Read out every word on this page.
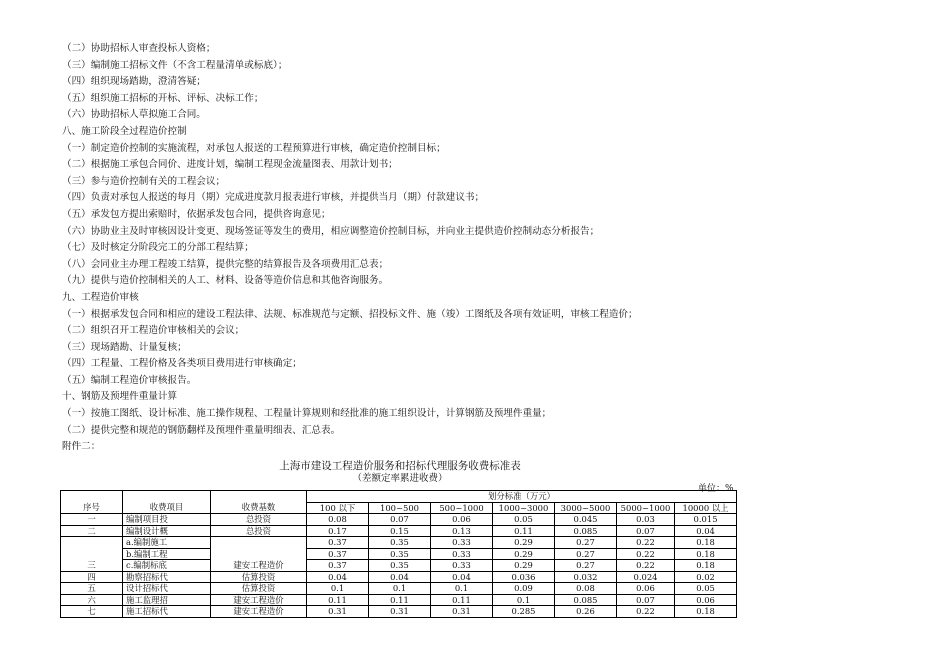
（二）协助招标人审查投标人资格；
（三）编制施工招标文件（不含工程量清单或标底）；
（四）组织现场踏勘，澄清答疑；
（五）组织施工招标的开标、评标、决标工作；
（六）协助招标人草拟施工合同。
八、施工阶段全过程造价控制
（一）制定造价控制的实施流程，对承包人报送的工程预算进行审核，确定造价控制目标；
（二）根据施工承包合同价、进度计划，编制工程现金流量图表、用款计划书；
（三）参与造价控制有关的工程会议；
（四）负责对承包人报送的每月（期）完成进度款月报表进行审核，并提供当月（期）付款建议书；
（五）承发包方提出索赔时，依据承发包合同，提供咨询意见；
（六）协助业主及时审核因设计变更、现场签证等发生的费用，相应调整造价控制目标，并向业主提供造价控制动态分析报告；
（七）及时核定分阶段完工的分部工程结算；
（八）会同业主办理工程竣工结算，提供完整的结算报告及各项费用汇总表；
（九）提供与造价控制相关的人工、材料、设备等造价信息和其他咨询服务。
九、工程造价审核
（一）根据承发包合同和相应的建设工程法律、法规、标准规范与定额、招投标文件、施（竣）工图纸及各项有效证明，审核工程造价；
（二）组织召开工程造价审核相关的会议；
（三）现场踏勘、计量复核；
（四）工程量、工程价格及各类项目费用进行审核确定；
（五）编制工程造价审核报告。
十、钢筋及预埋件重量计算
（一）按施工图纸、设计标准、施工操作规程、工程量计算规则和经批准的施工组织设计，计算钢筋及预埋件重量；
（二）提供完整和规范的钢筋翻样及预埋件重量明细表、汇总表。
附件二：
上海市建设工程造价服务和招标代理服务收费标准表
（差额定率累进收费）
单位：%
			划分标准（万元）						
序号	收费项目	收费基数	100 以下	100~500	500~1000	1000~3000	3000~5000	5000~1000	10000 以上
一	编制项目投	总投资	0.08	0.07	0.06	0.05	0.045	0.03	0.015
二	编制设计概	总投资	0.17	0.15	0.13	0.11	0.085	0.07	0.04
	a.编制施工		0.37	0.35	0.33	0.29	0.27	0.22	0.18
	b.编制工程		0.37	0.35	0.33	0.29	0.27	0.22	0.18
三	c.编制标底	建安工程造价	0.37	0.35	0.33	0.29	0.27	0.22	0.18
四	勘察招标代	估算投资	0.04	0.04	0.04	0.036	0.032	0.024	0.02
五	设计招标代	估算投资	0.1	0.1	0.1	0.09	0.08	0.06	0.05
六	施工监理招	建安工程造价	0.11	0.11	0.11	0.1	0.085	0.07	0.06
七	施工招标代	建安工程造价	0.31	0.31	0.31	0.285	0.26	0.22	0.18
